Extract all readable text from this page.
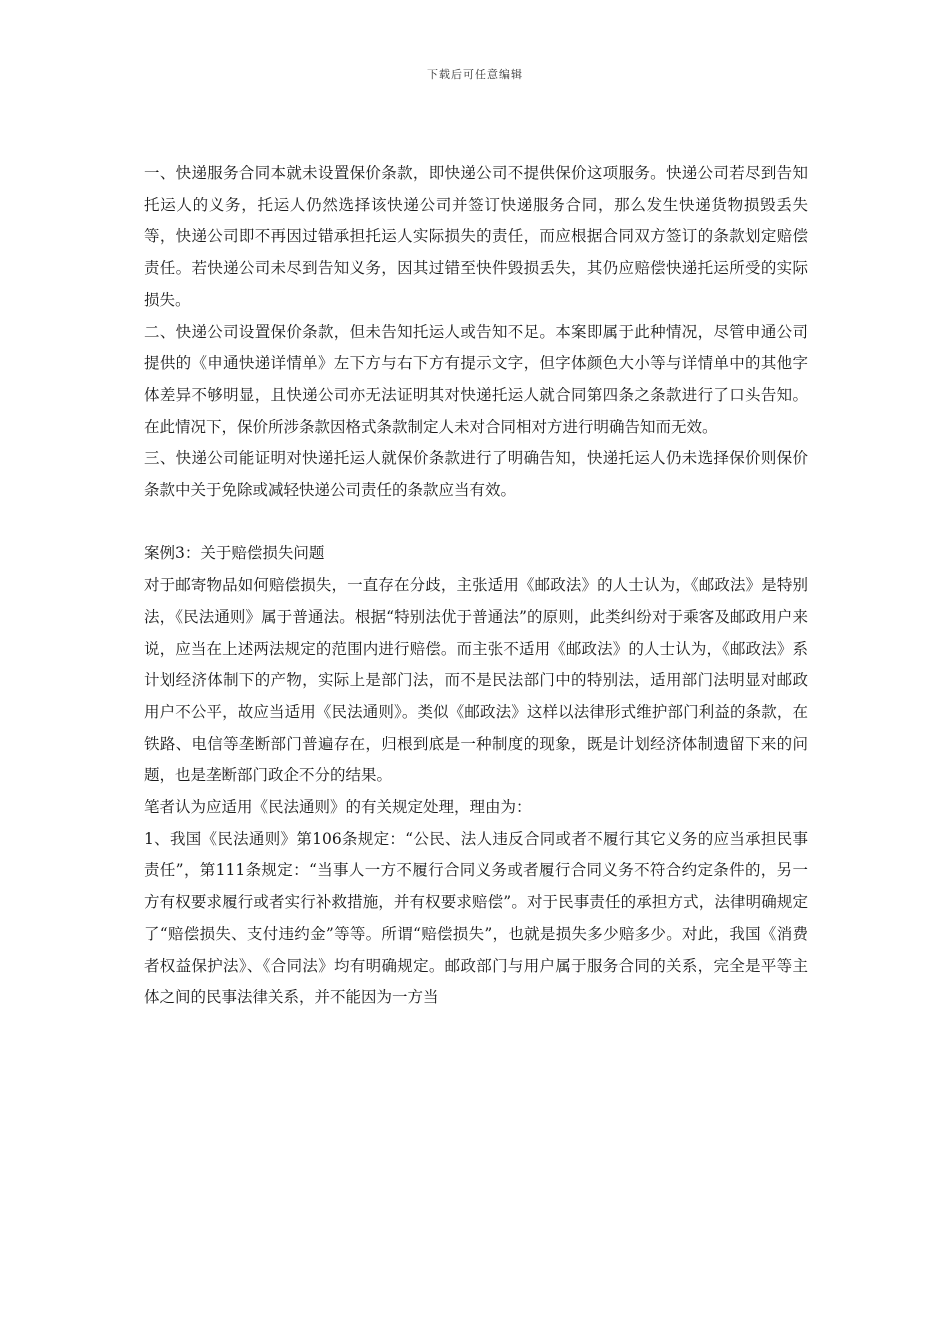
下载后可任意编辑

一、快递服务合同本就未设置保价条款，即快递公司不提供保价这项服务。快递公司若尽到告知托运人的义务，托运人仍然选择该快递公司并签订快递服务合同，那么发生快递货物损毁丢失等，快递公司即不再因过错承担托运人实际损失的责任，而应根据合同双方签订的条款划定赔偿责任。若快递公司未尽到告知义务，因其过错至快件毁损丢失，其仍应赔偿快递托运所受的实际损失。

二、快递公司设置保价条款，但未告知托运人或告知不足。本案即属于此种情况，尽管申通公司提供的《申通快递详情单》左下方与右下方有提示文字，但字体颜色大小等与详情单中的其他字体差异不够明显，且快递公司亦无法证明其对快递托运人就合同第四条之条款进行了口头告知。在此情况下，保价所涉条款因格式条款制定人未对合同相对方进行明确告知而无效。

三、快递公司能证明对快递托运人就保价条款进行了明确告知，快递托运人仍未选择保价则保价条款中关于免除或减轻快递公司责任的条款应当有效。

案例3：关于赔偿损失问题

对于邮寄物品如何赔偿损失，一直存在分歧，主张适用《邮政法》的人士认为，《邮政法》是特别法，《民法通则》属于普通法。根据“特别法优于普通法”的原则，此类纠纷对于乘客及邮政用户来说，应当在上述两法规定的范围内进行赔偿。而主张不适用《邮政法》的人士认为，《邮政法》系计划经济体制下的产物，实际上是部门法，而不是民法部门中的特别法，适用部门法明显对邮政用户不公平，故应当适用《民法通则》。类似《邮政法》这样以法律形式维护部门利益的条款，在铁路、电信等垄断部门普遍存在，归根到底是一种制度的现象，既是计划经济体制遗留下来的问题，也是垄断部门政企不分的结果。

笔者认为应适用《民法通则》的有关规定处理，理由为：

1、我国《民法通则》第106条规定：“公民、法人违反合同或者不履行其它义务的应当承担民事责任”，第111条规定：“当事人一方不履行合同义务或者履行合同义务不符合约定条件的，另一方有权要求履行或者实行补救措施，并有权要求赔偿”。对于民事责任的承担方式，法律明确规定了“赔偿损失、支付违约金”等等。所谓“赔偿损失”，也就是损失多少赔多少。对此，我国《消费者权益保护法》、《合同法》均有明确规定。邮政部门与用户属于服务合同的关系，完全是平等主体之间的民事法律关系，并不能因为一方当
